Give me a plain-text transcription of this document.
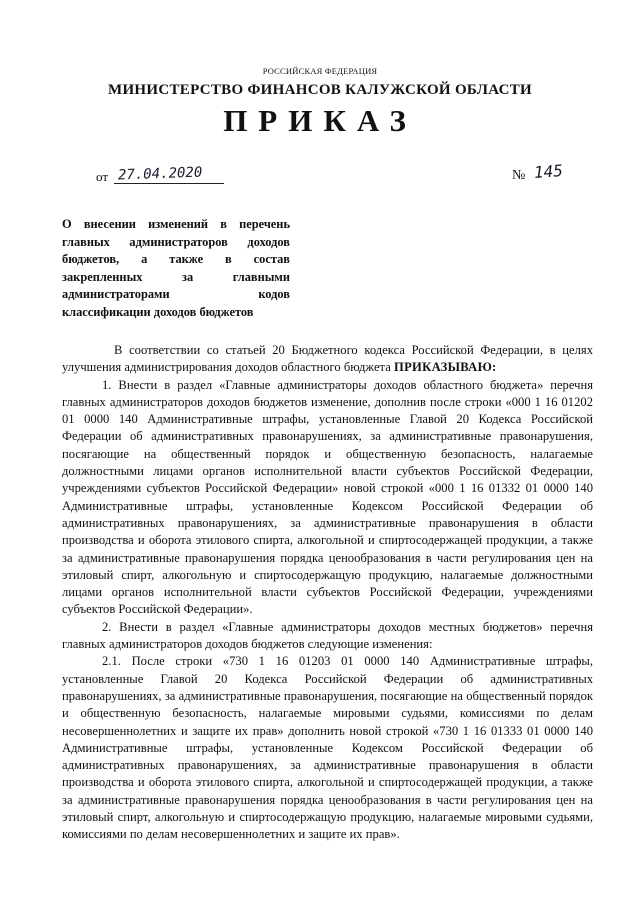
РОССИЙСКАЯ ФЕДЕРАЦИЯ
МИНИСТЕРСТВО ФИНАНСОВ КАЛУЖСКОЙ ОБЛАСТИ
ПРИКАЗ
от 27.04.2020	№ 145
О внесении изменений в перечень главных администраторов доходов бюджетов, а также в состав закрепленных за главными администраторами кодов классификации доходов бюджетов

В соответствии со статьей 20 Бюджетного кодекса Российской Федерации, в целях улучшения администрирования доходов областного бюджета ПРИКАЗЫВАЮ:

1. Внести в раздел «Главные администраторы доходов областного бюджета» перечня главных администраторов доходов бюджетов изменение, дополнив после строки «000 1 16 01202 01 0000 140 Административные штрафы, установленные Главой 20 Кодекса Российской Федерации об административных правонарушениях, за административные правонарушения, посягающие на общественный порядок и общественную безопасность, налагаемые должностными лицами органов исполнительной власти субъектов Российской Федерации, учреждениями субъектов Российской Федерации» новой строкой «000 1 16 01332 01 0000 140 Административные штрафы, установленные Кодексом Российской Федерации об административных правонарушениях, за административные правонарушения в области производства и оборота этилового спирта, алкогольной и спиртосодержащей продукции, а также за административные правонарушения порядка ценообразования в части регулирования цен на этиловый спирт, алкогольную и спиртосодержащую продукцию, налагаемые должностными лицами органов исполнительной власти субъектов Российской Федерации, учреждениями субъектов Российской Федерации».

2. Внести в раздел «Главные администраторы доходов местных бюджетов» перечня главных администраторов доходов бюджетов следующие изменения:

2.1. После строки «730 1 16 01203 01 0000 140 Административные штрафы, установленные Главой 20 Кодекса Российской Федерации об административных правонарушениях, за административные правонарушения, посягающие на общественный порядок и общественную безопасность, налагаемые мировыми судьями, комиссиями по делам несовершеннолетних и защите их прав» дополнить новой строкой «730 1 16 01333 01 0000 140 Административные штрафы, установленные Кодексом Российской Федерации об административных правонарушениях, за административные правонарушения в области производства и оборота этилового спирта, алкогольной и спиртосодержащей продукции, а также за административные правонарушения порядка ценообразования в части регулирования цен на этиловый спирт, алкогольную и спиртосодержащую продукцию, налагаемые мировыми судьями, комиссиями по делам несовершеннолетних и защите их прав».
